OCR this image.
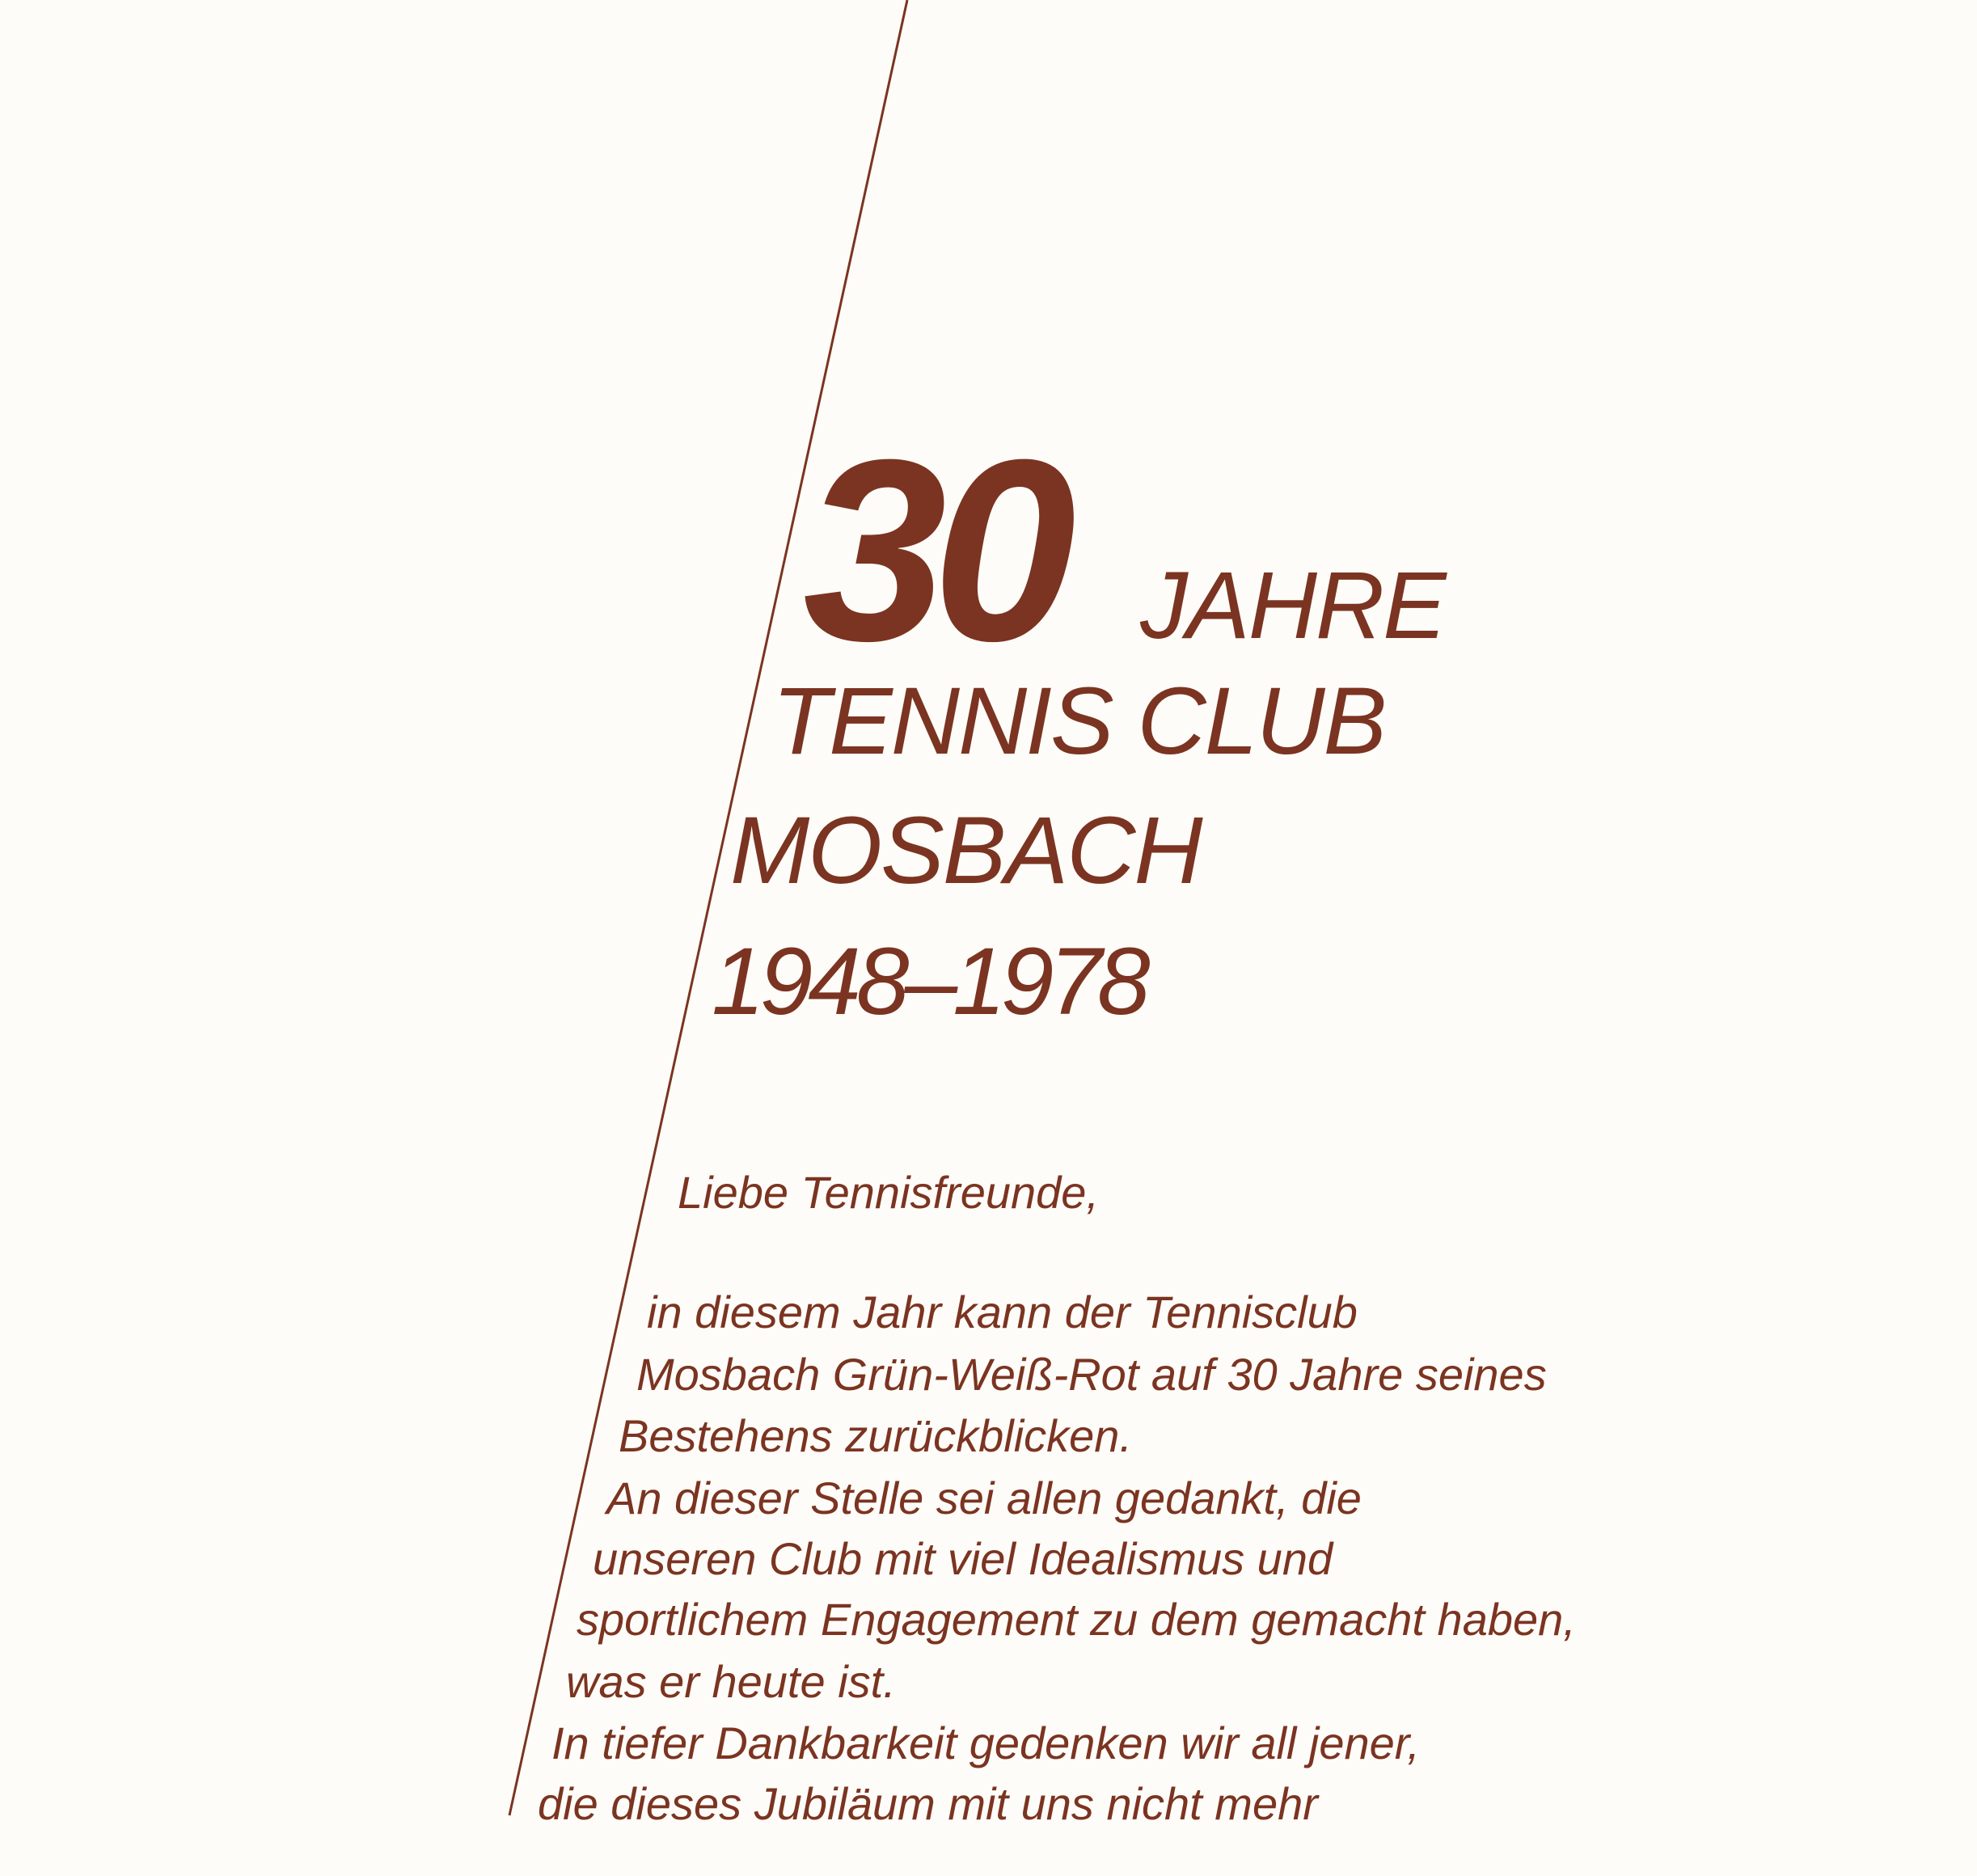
30 JAHRE
TENNIS CLUB
MOSBACH
1948–1978
Liebe Tennisfreunde,
in diesem Jahr kann der Tennisclub
Mosbach Grün-Weiß-Rot auf 30 Jahre seines
Bestehens zurückblicken.
An dieser Stelle sei allen gedankt, die
unseren Club mit viel Idealismus und
sportlichem Engagement zu dem gemacht haben,
was er heute ist.
In tiefer Dankbarkeit gedenken wir all jener,
die dieses Jubiläum mit uns nicht mehr
